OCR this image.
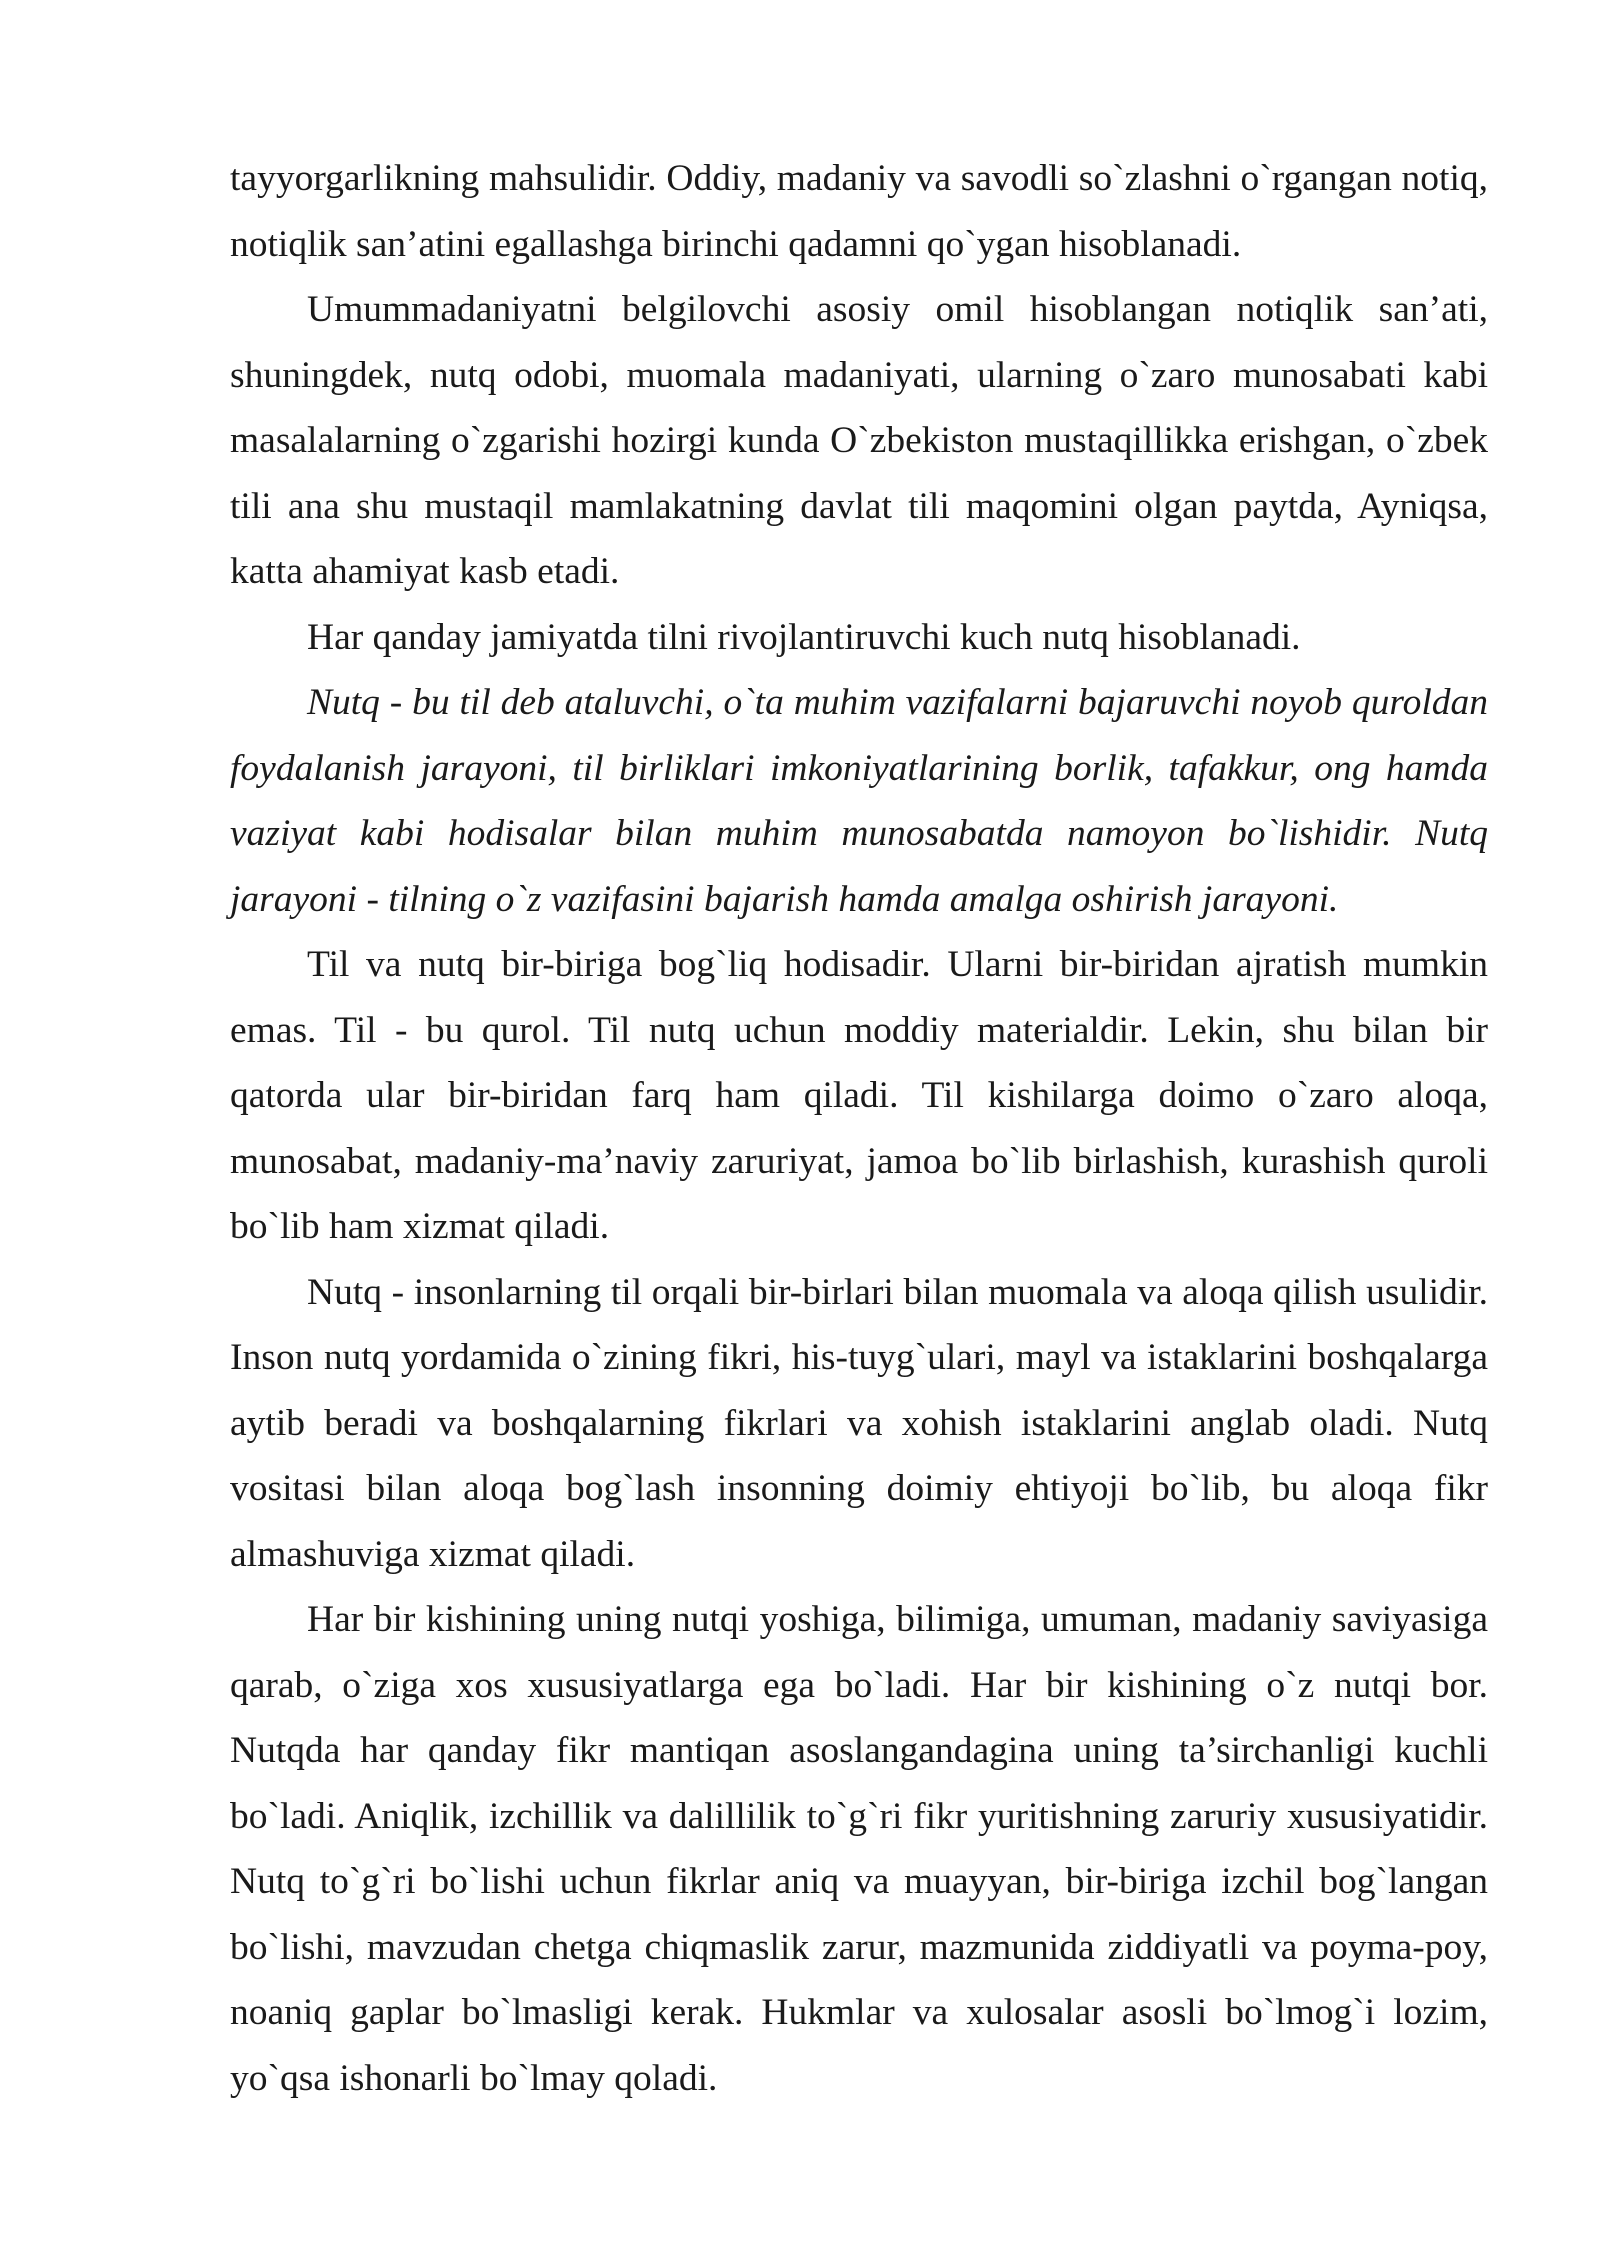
tayyorgarlikning mahsulidir. Oddiy, madaniy va savodli so`zlashni o`rgangan notiq, notiqlik san’atini egallashga birinchi qadamni qo`ygan hisoblanadi.

Umummadaniyatni belgilovchi asosiy omil hisoblangan notiqlik san’ati, shuningdek, nutq odobi, muomala madaniyati, ularning o`zaro munosabati kabi masalalarning o`zgarishi hozirgi kunda O`zbekiston mustaqillikka erishgan, o`zbek tili ana shu mustaqil mamlakatning davlat tili maqomini olgan paytda, Ayniqsa, katta ahamiyat kasb etadi.

Har qanday jamiyatda tilni rivojlantiruvchi kuch nutq hisoblanadi.

Nutq - bu til deb ataluvchi, o`ta muhim vazifalarni bajaruvchi noyob quroldan foydalanish jarayoni, til birliklari imkoniyatlarining borlik, tafakkur, ong hamda vaziyat kabi hodisalar bilan muhim munosabatda namoyon bo`lishidir. Nutq jarayoni - tilning o`z vazifasini bajarish hamda amalga oshirish jarayoni.

Til va nutq bir-biriga bog`liq hodisadir. Ularni bir-biridan ajratish mumkin emas. Til - bu qurol. Til nutq uchun moddiy materialdir. Lekin, shu bilan bir qatorda ular bir-biridan farq ham qiladi. Til kishilarga doimo o`zaro aloqa, munosabat, madaniy-ma’naviy zaruriyat, jamoa bo`lib birlashish, kurashish quroli bo`lib ham xizmat qiladi.

Nutq - insonlarning til orqali bir-birlari bilan muomala va aloqa qilish usulidir. Inson nutq yordamida o`zining fikri, his-tuyg`ulari, mayl va istaklarini boshqalarga aytib beradi va boshqalarning fikrlari va xohish istaklarini anglab oladi. Nutq vositasi bilan aloqa bog`lash insonning doimiy ehtiyoji bo`lib, bu aloqa fikr almashuviga xizmat qiladi.

Har bir kishining uning nutqi yoshiga, bilimiga, umuman, madaniy saviyasiga qarab, o`ziga xos xususiyatlarga ega bo`ladi. Har bir kishining o`z nutqi bor. Nutqda har qanday fikr mantiqan asoslangandagina uning ta’sirchanligi kuchli bo`ladi. Aniqlik, izchillik va dalillilik to`g`ri fikr yuritishning zaruriy xususiyatidir. Nutq to`g`ri bo`lishi uchun fikrlar aniq va muayyan, bir-biriga izchil bog`langan bo`lishi, mavzudan chetga chiqmaslik zarur, mazmunida ziddiyatli va poyma-poy, noaniq gaplar bo`lmasligi kerak. Hukmlar va xulosalar asosli bo`lmog`i lozim, yo`qsa ishonarli bo`lmay qoladi.
